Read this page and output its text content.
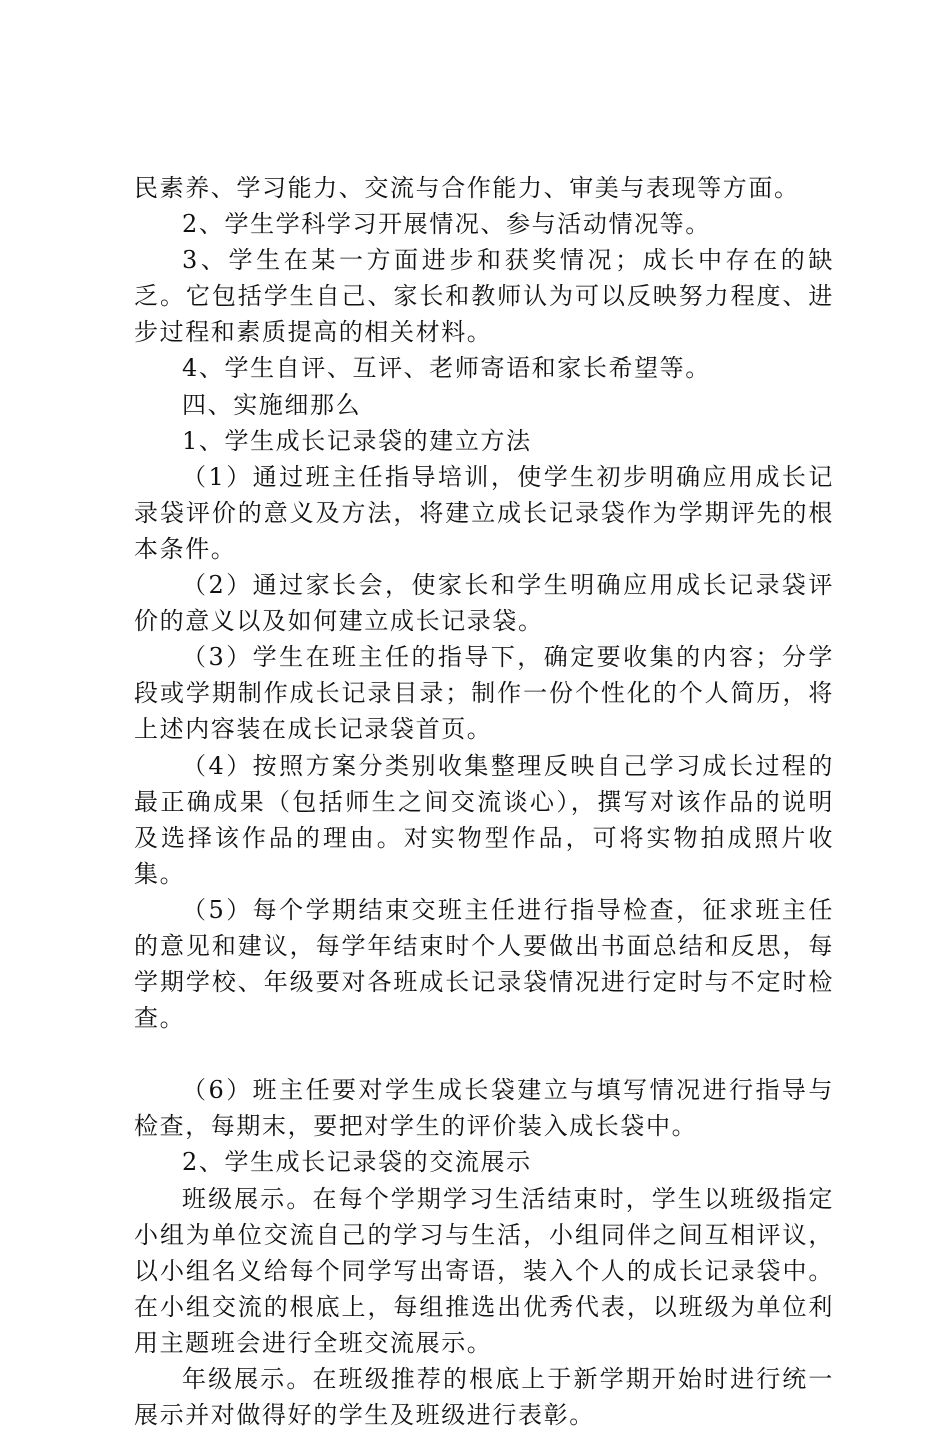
民素养、学习能力、交流与合作能力、审美与表现等方面。

2、学生学科学习开展情况、参与活动情况等。

3、学生在某一方面进步和获奖情况；成长中存在的缺乏。它包括学生自己、家长和教师认为可以反映努力程度、进步过程和素质提高的相关材料。

4、学生自评、互评、老师寄语和家长希望等。

四、实施细那么

1、学生成长记录袋的建立方法

（1）通过班主任指导培训，使学生初步明确应用成长记录袋评价的意义及方法，将建立成长记录袋作为学期评先的根本条件。

（2）通过家长会，使家长和学生明确应用成长记录袋评价的意义以及如何建立成长记录袋。

（3）学生在班主任的指导下，确定要收集的内容；分学段或学期制作成长记录目录；制作一份个性化的个人简历，将上述内容装在成长记录袋首页。

（4）按照方案分类别收集整理反映自己学习成长过程的最正确成果（包括师生之间交流谈心），撰写对该作品的说明及选择该作品的理由。对实物型作品，可将实物拍成照片收集。

（5）每个学期结束交班主任进行指导检查，征求班主任的意见和建议，每学年结束时个人要做出书面总结和反思，每学期学校、年级要对各班成长记录袋情况进行定时与不定时检查。

（6）班主任要对学生成长袋建立与填写情况进行指导与检查，每期末，要把对学生的评价装入成长袋中。

2、学生成长记录袋的交流展示

班级展示。在每个学期学习生活结束时，学生以班级指定小组为单位交流自己的学习与生活，小组同伴之间互相评议，以小组名义给每个同学写出寄语，装入个人的成长记录袋中。在小组交流的根底上，每组推选出优秀代表，以班级为单位利用主题班会进行全班交流展示。

年级展示。在班级推荐的根底上于新学期开始时进行统一展示并对做得好的学生及班级进行表彰。
